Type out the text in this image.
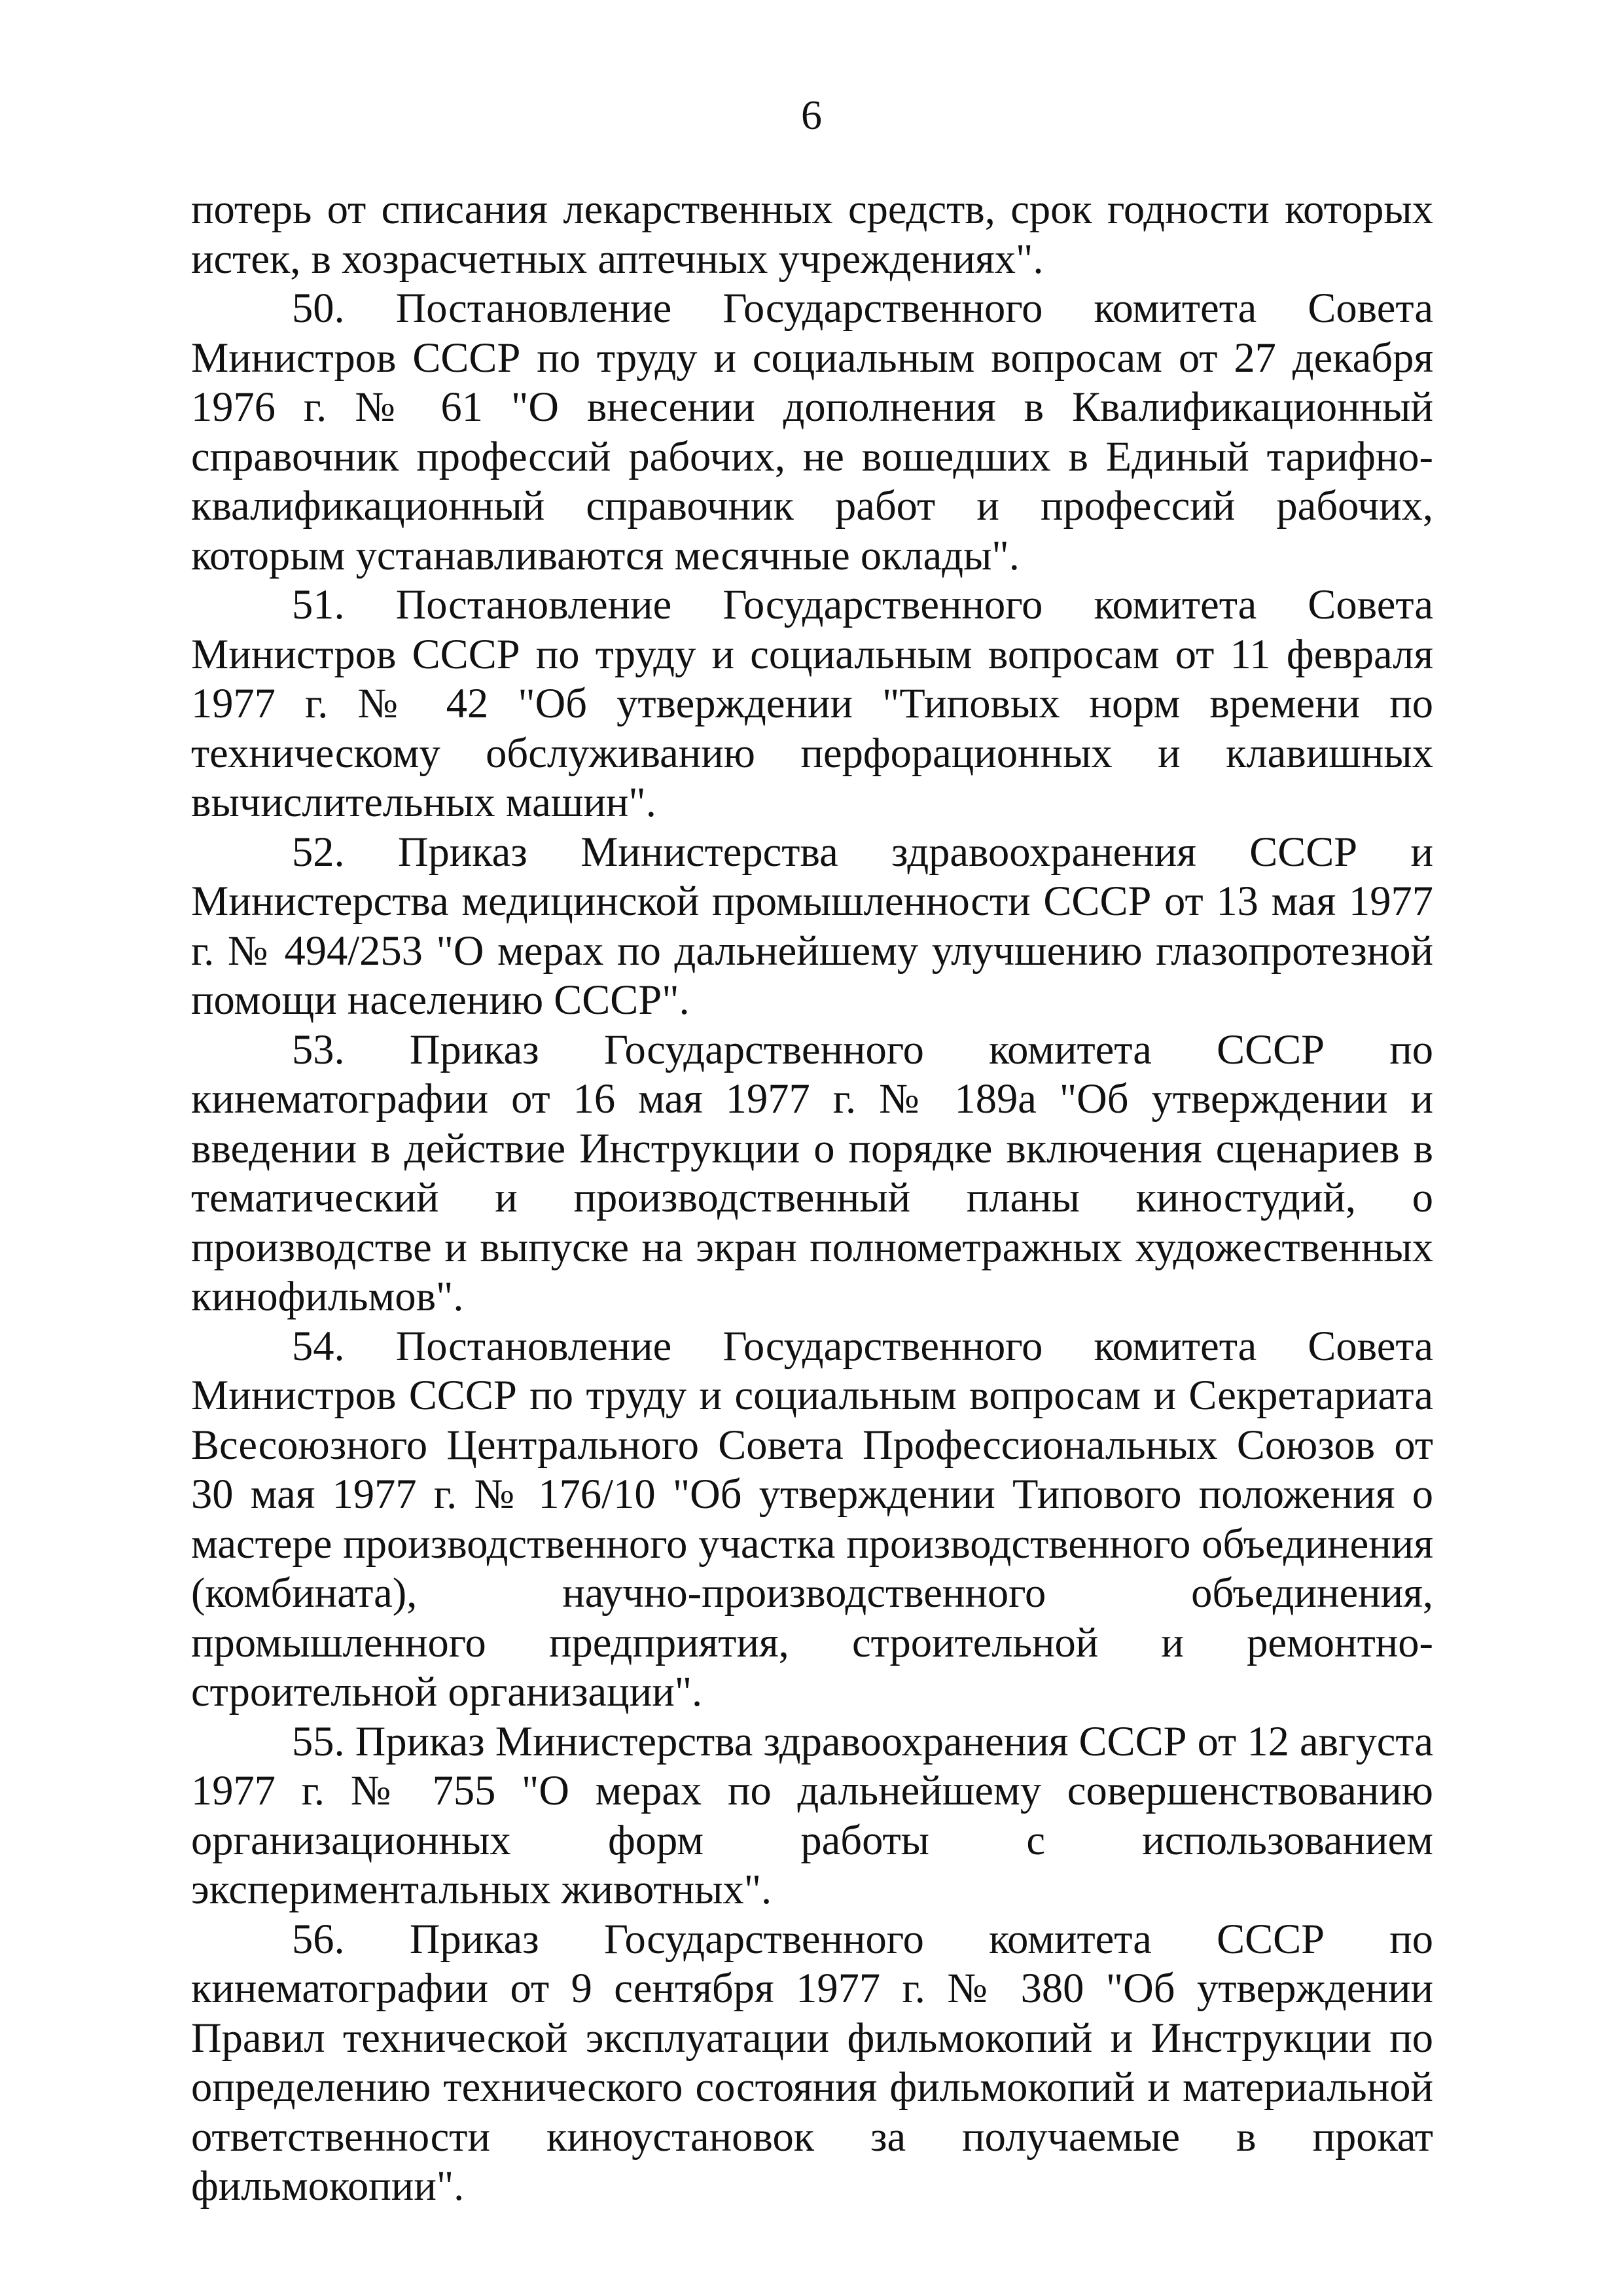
6

потерь от списания лекарственных средств, срок годности которых истек, в хозрасчетных аптечных учреждениях".

50. Постановление Государственного комитета Совета Министров СССР по труду и социальным вопросам от 27 декабря 1976 г. № 61 "О внесении дополнения в Квалификационный справочник профессий рабочих, не вошедших в Единый тарифно-квалификационный справочник работ и профессий рабочих, которым устанавливаются месячные оклады".

51. Постановление Государственного комитета Совета Министров СССР по труду и социальным вопросам от 11 февраля 1977 г. № 42 "Об утверждении "Типовых норм времени по техническому обслуживанию перфорационных и клавишных вычислительных машин".

52. Приказ Министерства здравоохранения СССР и Министерства медицинской промышленности СССР от 13 мая 1977 г. № 494/253 "О мерах по дальнейшему улучшению глазопротезной помощи населению СССР".

53. Приказ Государственного комитета СССР по кинематографии от 16 мая 1977 г. № 189а "Об утверждении и введении в действие Инструкции о порядке включения сценариев в тематический и производственный планы киностудий, о производстве и выпуске на экран полнометражных художественных кинофильмов".

54. Постановление Государственного комитета Совета Министров СССР по труду и социальным вопросам и Секретариата Всесоюзного Центрального Совета Профессиональных Союзов от 30 мая 1977 г. № 176/10 "Об утверждении Типового положения о мастере производственного участка производственного объединения (комбината), научно-производственного объединения, промышленного предприятия, строительной и ремонтно-строительной организации".

55. Приказ Министерства здравоохранения СССР от 12 августа 1977 г. № 755 "О мерах по дальнейшему совершенствованию организационных форм работы с использованием экспериментальных животных".

56. Приказ Государственного комитета СССР по кинематографии от 9 сентября 1977 г. № 380 "Об утверждении Правил технической эксплуатации фильмокопий и Инструкции по определению технического состояния фильмокопий и материальной ответственности киноустановок за получаемые в прокат фильмокопии".
